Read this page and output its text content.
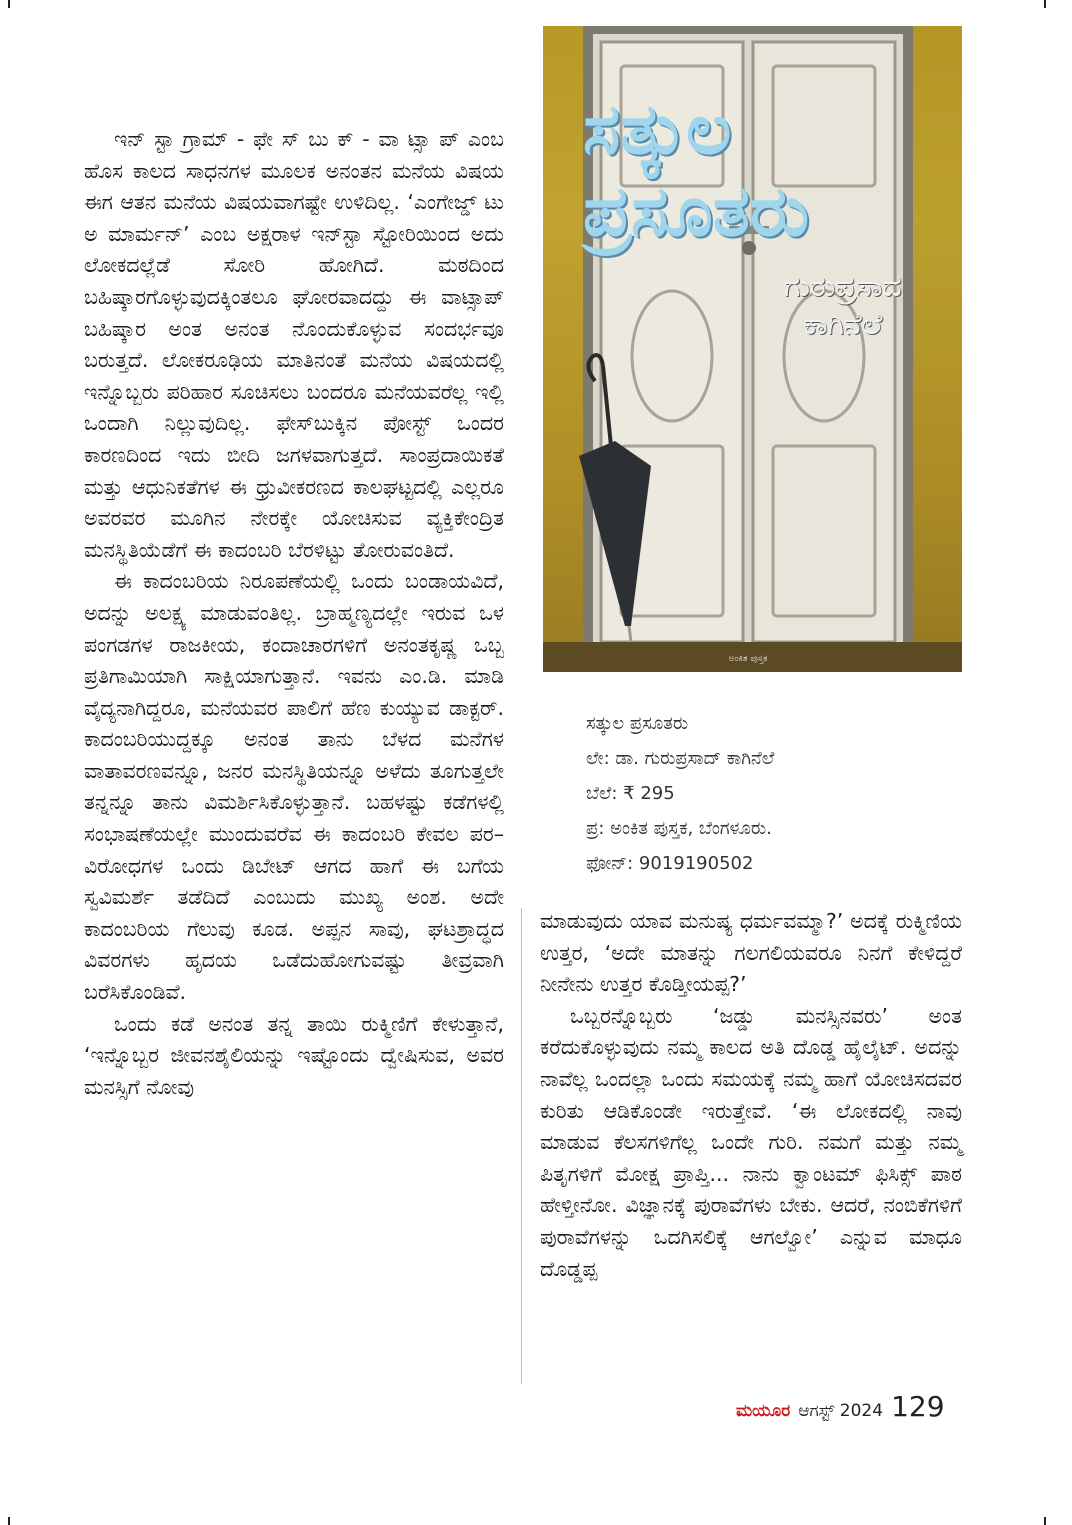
ಇನ್ ಸ್ಟಾ ಗ್ರಾಮ್ - ಫೇ ಸ್ ಬು ಕ್ - ವಾ ಟ್ಸಾ ಪ್ ಎಂಬ ಹೊಸ ಕಾಲದ ಸಾಧನಗಳ ಮೂಲಕ ಅನಂತನ ಮನೆಯ ವಿಷಯ ಈಗ ಆತನ ಮನೆಯ ವಿಷಯವಾಗಷ್ಟೇ ಉಳಿದಿಲ್ಲ. ‘ಎಂಗೇಜ್ಡ್ ಟು ಅ ಮಾರ್ಮನ್’ ಎಂಬ ಅಕ್ಷರಾಳ ಇನ್‌ಸ್ಟಾ ಸ್ಟೋರಿಯಿಂದ ಅದು ಲೋಕದಲ್ಲೆಡೆ ಸೋರಿ ಹೋಗಿದೆ. ಮಠದಿಂದ ಬಹಿಷ್ಕಾರಗೊಳ್ಳುವುದಕ್ಕಿಂತಲೂ ಘೋರವಾದದ್ದು ಈ ವಾಟ್ಸಾಪ್ ಬಹಿಷ್ಕಾರ ಅಂತ ಅನಂತ ನೊಂದುಕೊಳ್ಳುವ ಸಂದರ್ಭವೂ ಬರುತ್ತದೆ. ಲೋಕರೂಢಿಯ ಮಾತಿನಂತೆ ಮನೆಯ ವಿಷಯದಲ್ಲಿ ಇನ್ನೊಬ್ಬರು ಪರಿಹಾರ ಸೂಚಿಸಲು ಬಂದರೂ ಮನೆಯವರೆಲ್ಲ ಇಲ್ಲಿ ಒಂದಾಗಿ ನಿಲ್ಲುವುದಿಲ್ಲ. ಫೇಸ್‌ಬುಕ್ಕಿನ ಪೋಸ್ಟ್ ಒಂದರ ಕಾರಣದಿಂದ ಇದು ಬೀದಿ ಜಗಳವಾಗುತ್ತದೆ. ಸಾಂಪ್ರದಾಯಿಕತೆ ಮತ್ತು ಆಧುನಿಕತೆಗಳ ಈ ಧ್ರುವೀಕರಣದ ಕಾಲಘಟ್ಟದಲ್ಲಿ ಎಲ್ಲರೂ ಅವರವರ ಮೂಗಿನ ನೇರಕ್ಕೇ ಯೋಚಿಸುವ ವ್ಯಕ್ತಿಕೇಂದ್ರಿತ ಮನಸ್ಥಿತಿಯೆಡೆಗೆ ಈ ಕಾದಂಬರಿ ಬೆರಳಿಟ್ಟು ತೋರುವಂತಿದೆ.

ಈ ಕಾದಂಬರಿಯ ನಿರೂಪಣೆಯಲ್ಲಿ ಒಂದು ಬಂಡಾಯವಿದೆ, ಅದನ್ನು ಅಲಕ್ಷ್ಯ ಮಾಡುವಂತಿಲ್ಲ. ಬ್ರಾಹ್ಮಣ್ಯದಲ್ಲೇ ಇರುವ ಒಳ ಪಂಗಡಗಳ ರಾಜಕೀಯ, ಕಂದಾಚಾರಗಳಿಗೆ ಅನಂತಕೃಷ್ಣ ಒಬ್ಬ ಪ್ರತಿಗಾಮಿಯಾಗಿ ಸಾಕ್ಷಿಯಾಗುತ್ತಾನೆ. ಇವನು ಎಂ.ಡಿ. ಮಾಡಿ ವೈದ್ಯನಾಗಿದ್ದರೂ, ಮನೆಯವರ ಪಾಲಿಗೆ ಹೆಣ ಕುಯ್ಯುವ ಡಾಕ್ಟರ್. ಕಾದಂಬರಿಯುದ್ದಕ್ಕೂ ಅನಂತ ತಾನು ಬೆಳದ ಮನೆಗಳ ವಾತಾವರಣವನ್ನೂ, ಜನರ ಮನಸ್ಥಿತಿಯನ್ನೂ ಅಳೆದು ತೂಗುತ್ತಲೇ ತನ್ನನ್ನೂ ತಾನು ವಿಮರ್ಶಿಸಿಕೊಳ್ಳುತ್ತಾನೆ. ಬಹಳಷ್ಟು ಕಡೆಗಳಲ್ಲಿ ಸಂಭಾಷಣೆಯಲ್ಲೇ ಮುಂದುವರೆವ ಈ ಕಾದಂಬರಿ ಕೇವಲ ಪರ–ವಿರೋಧಗಳ ಒಂದು ಡಿಬೇಟ್ ಆಗದ ಹಾಗೆ ಈ ಬಗೆಯ ಸ್ವವಿಮರ್ಶೆ ತಡೆದಿದೆ ಎಂಬುದು ಮುಖ್ಯ ಅಂಶ. ಅದೇ ಕಾದಂಬರಿಯ ಗೆಲುವು ಕೂಡ. ಅಪ್ಪನ ಸಾವು, ಘಟಶ್ರಾದ್ಧದ ವಿವರಗಳು ಹೃದಯ ಒಡೆದುಹೋಗುವಷ್ಟು ತೀವ್ರವಾಗಿ ಬರೆಸಿಕೊಂಡಿವೆ.

ಒಂದು ಕಡೆ ಅನಂತ ತನ್ನ ತಾಯಿ ರುಕ್ಮಿಣಿಗೆ ಕೇಳುತ್ತಾನೆ, ‘ಇನ್ನೊಬ್ಬರ ಜೀವನಶೈಲಿಯನ್ನು ಇಷ್ಟೊಂದು ದ್ವೇಷಿಸುವ, ಅವರ ಮನಸ್ಸಿಗೆ ನೋವು

ಸತ್ಕುಲ
ಪ್ರಸೂತರು
ಗುರುಪ್ರಸಾದ
ಕಾಗಿನೆಲೆ
ಅಂಕಿತ ಪುಸ್ತಕ
ಸತ್ಕುಲ ಪ್ರಸೂತರು
ಲೇ: ಡಾ. ಗುರುಪ್ರಸಾದ್ ಕಾಗಿನೆಲೆ
ಬೆಲೆ: ₹ 295
ಪ್ರ: ಅಂಕಿತ ಪುಸ್ತಕ, ಬೆಂಗಳೂರು.
ಫೋನ್: 9019190502

ಮಾಡುವುದು ಯಾವ ಮನುಷ್ಯ ಧರ್ಮವಮ್ಮಾ?’ ಅದಕ್ಕೆ ರುಕ್ಮಿಣಿಯ ಉತ್ತರ, ‘ಅದೇ ಮಾತನ್ನು ಗಲಗಲಿಯವರೂ ನಿನಗೆ ಕೇಳಿದ್ದರೆ ನೀನೇನು ಉತ್ತರ ಕೊಡ್ತೀಯಪ್ಪ?’

ಒಬ್ಬರನ್ನೊಬ್ಬರು ‘ಜಡ್ಡು ಮನಸ್ಸಿನವರು’ ಅಂತ ಕರೆದುಕೊಳ್ಳುವುದು ನಮ್ಮ ಕಾಲದ ಅತಿ ದೊಡ್ಡ ಹೈಲೈಟ್. ಅದನ್ನು ನಾವೆಲ್ಲ ಒಂದಲ್ಲಾ ಒಂದು ಸಮಯಕ್ಕೆ ನಮ್ಮ ಹಾಗೆ ಯೋಚಿಸದವರ ಕುರಿತು ಆಡಿಕೊಂಡೇ ಇರುತ್ತೇವೆ. ‘ಈ ಲೋಕದಲ್ಲಿ ನಾವು ಮಾಡುವ ಕೆಲಸಗಳಿಗೆಲ್ಲ ಒಂದೇ ಗುರಿ. ನಮಗೆ ಮತ್ತು ನಮ್ಮ ಪಿತೃಗಳಿಗೆ ಮೋಕ್ಷ ಪ್ರಾಪ್ತಿ... ನಾನು ಕ್ವಾಂಟಮ್ ಫಿಸಿಕ್ಸ್ ಪಾಠ ಹೇಳ್ತೀನೋ. ವಿಜ್ಞಾನಕ್ಕೆ ಪುರಾವೆಗಳು ಬೇಕು. ಆದರೆ, ನಂಬಿಕೆಗಳಿಗೆ ಪುರಾವೆಗಳನ್ನು ಒದಗಿಸಲಿಕ್ಕೆ ಆಗಲ್ವೋ’ ಎನ್ನುವ ಮಾಧೂ ದೊಡ್ಡಪ್ಪ

ಮಯೂರ ಆಗಸ್ಟ್ 2024 129
